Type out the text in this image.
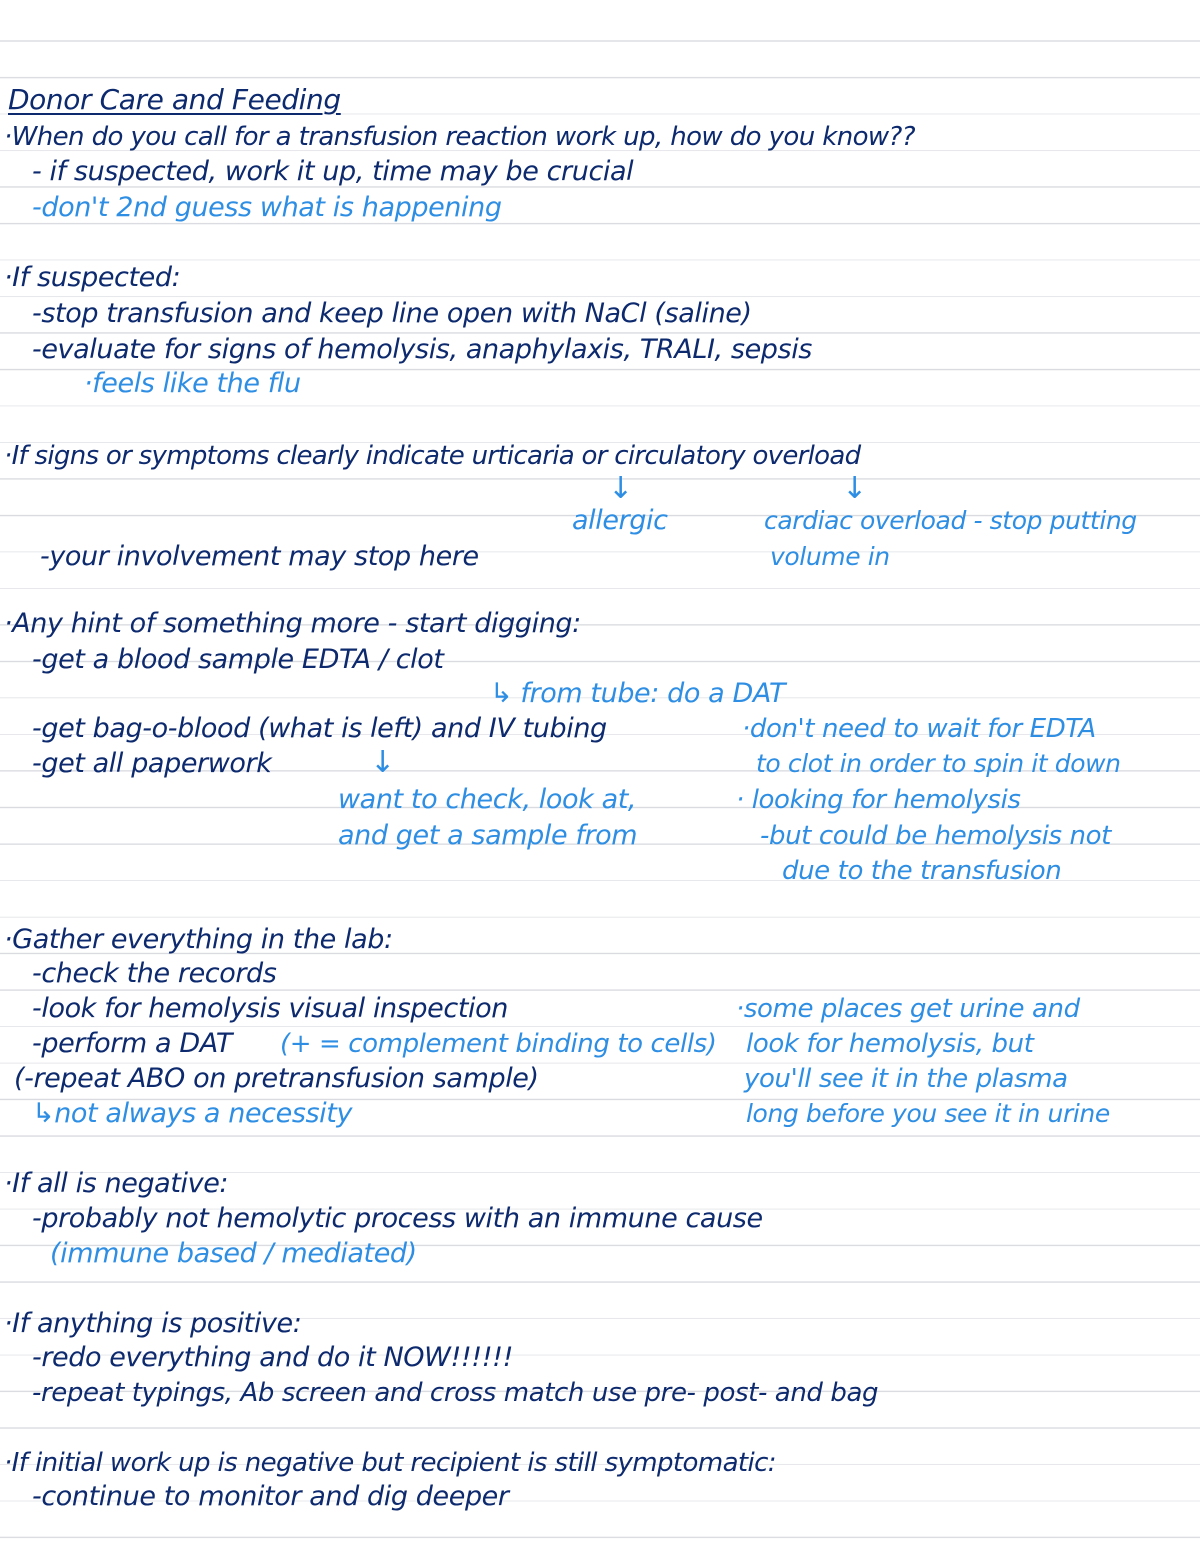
Donor Care and Feeding
·When do you call for a transfusion reaction work up, how do you know??
- if suspected, work it up, time may be crucial
-don't 2nd guess what is happening
·If suspected:
-stop transfusion and keep line open with NaCl (saline)
-evaluate for signs of hemolysis, anaphylaxis, TRALI, sepsis
·feels like the flu
·If signs or symptoms clearly indicate urticaria or circulatory overload
↓	↓
allergic	cardiac overload - stop putting
volume in
-your involvement may stop here
·Any hint of something more - start digging:
-get a blood sample EDTA / clot
↳ from tube: do a DAT
-get bag-o-blood (what is left) and IV tubing
-get all paperwork	↓
want to check, look at,
and get a sample from
·don't need to wait for EDTA
to clot in order to spin it down
· looking for hemolysis
-but could be hemolysis not
due to the transfusion
·Gather everything in the lab:
-check the records
-look for hemolysis visual inspection
-perform a DAT (+ = complement binding to cells)
(-repeat ABO on pretransfusion sample)
↳not always a necessity
·some places get urine and
look for hemolysis, but
you'll see it in the plasma
long before you see it in urine
·If all is negative:
-probably not hemolytic process with an immune cause
(immune based / mediated)
·If anything is positive:
-redo everything and do it NOW!!!!!!
-repeat typings, Ab screen and cross match use pre- post- and bag
·If initial work up is negative but recipient is still symptomatic:
-continue to monitor and dig deeper
